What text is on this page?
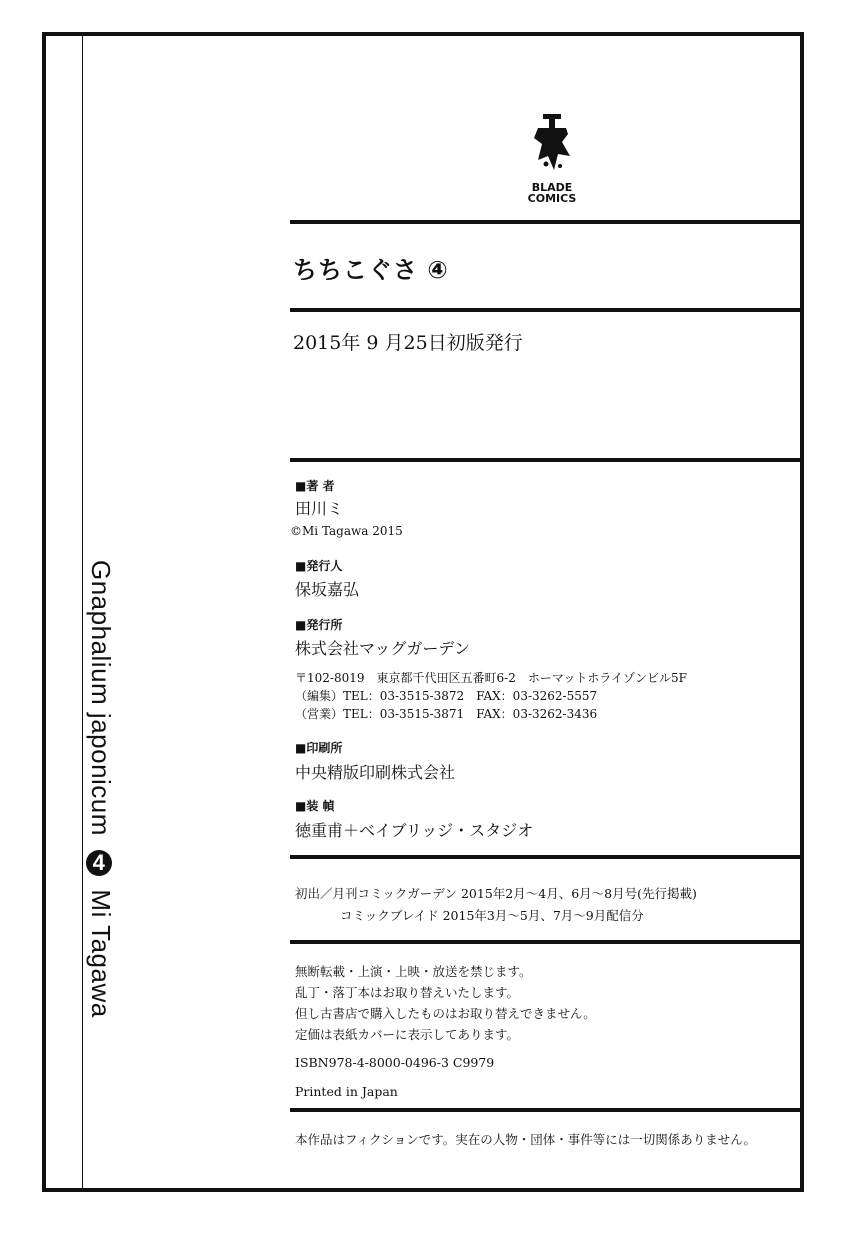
Gnaphalium japonicum 4 Mi Tagawa
BLADE
COMICS
ちちこぐさ ④
2015年 9 月25日初版発行
■著 者
田川ミ
©Mi Tagawa 2015
■発行人
保坂嘉弘
■発行所
株式会社マッグガーデン
〒102-8019　東京都千代田区五番町6-2　ホーマットホライゾンビル5F
（編集）TEL：03-3515-3872　FAX：03-3262-5557
（営業）TEL：03-3515-3871　FAX：03-3262-3436
■印刷所
中央精版印刷株式会社
■装 幀
徳重甫＋ベイブリッジ・スタジオ
初出／月刊コミックガーデン 2015年2月～4月、6月～8月号(先行掲載)
コミックブレイド 2015年3月～5月、7月～9月配信分
無断転載・上演・上映・放送を禁じます。
乱丁・落丁本はお取り替えいたします。
但し古書店で購入したものはお取り替えできません。
定価は表紙カバーに表示してあります。
ISBN978-4-8000-0496-3 C9979
Printed in Japan
本作品はフィクションです。実在の人物・団体・事件等には一切関係ありません。
